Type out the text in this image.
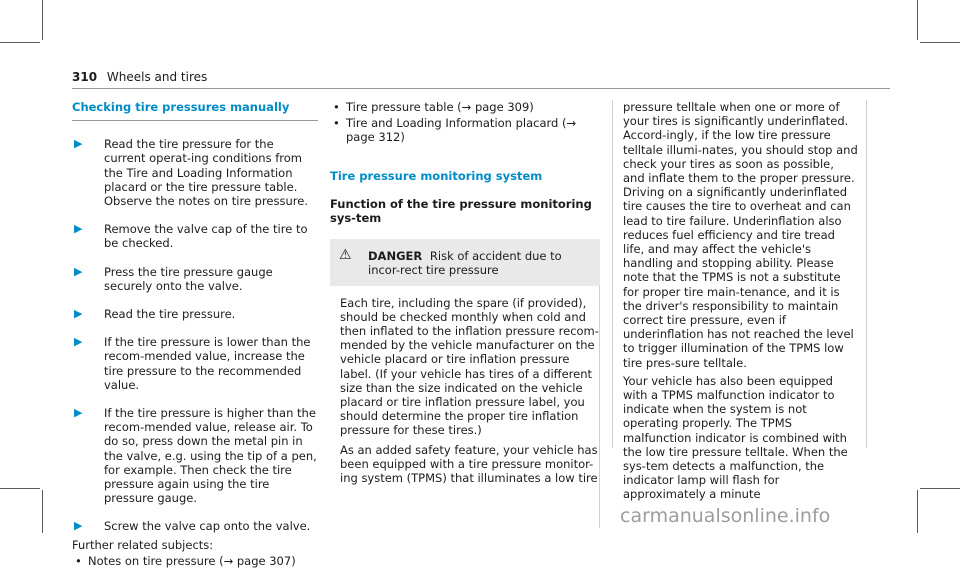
310 Wheels and tires
Checking tire pressures manually
▶ Read the tire pressure for the current operat-ing conditions from the Tire and Loading Information placard or the tire pressure table. Observe the notes on tire pressure.
▶ Remove the valve cap of the tire to be checked.
▶ Press the tire pressure gauge securely onto the valve.
▶ Read the tire pressure.
▶ If the tire pressure is lower than the recom-mended value, increase the tire pressure to the recommended value.
▶ If the tire pressure is higher than the recom-mended value, release air. To do so, press down the metal pin in the valve, e.g. using the tip of a pen, for example. Then check the tire pressure again using the tire pressure gauge.
▶ Screw the valve cap onto the valve.
Further related subjects:
• Notes on tire pressure (→ page 307)
• Tire pressure table (→ page 309)
• Tire and Loading Information placard (→ page 312)
Tire pressure monitoring system
Function of the tire pressure monitoring sys-tem
⚠ DANGER Risk of accident due to incor-rect tire pressure

Each tire, including the spare (if provided), should be checked monthly when cold and then inflated to the inflation pressure recom-mended by the vehicle manufacturer on the vehicle placard or tire inflation pressure label. (If your vehicle has tires of a different size than the size indicated on the vehicle placard or tire inflation pressure label, you should determine the proper tire inflation pressure for these tires.)

As an added safety feature, your vehicle has been equipped with a tire pressure monitor-ing system (TPMS) that illuminates a low tire

pressure telltale when one or more of your tires is significantly underinflated. Accord-ingly, if the low tire pressure telltale illumi-nates, you should stop and check your tires as soon as possible, and inflate them to the proper pressure. Driving on a significantly underinflated tire causes the tire to overheat and can lead to tire failure. Underinflation also reduces fuel efficiency and tire tread life, and may affect the vehicle's handling and stopping ability. Please note that the TPMS is not a substitute for proper tire main-tenance, and it is the driver's responsibility to maintain correct tire pressure, even if underinflation has not reached the level to trigger illumination of the TPMS low tire pres-sure telltale.

Your vehicle has also been equipped with a TPMS malfunction indicator to indicate when the system is not operating properly. The TPMS malfunction indicator is combined with the low tire pressure telltale. When the sys-tem detects a malfunction, the indicator lamp will flash for approximately a minute

carmanualsonline.info
